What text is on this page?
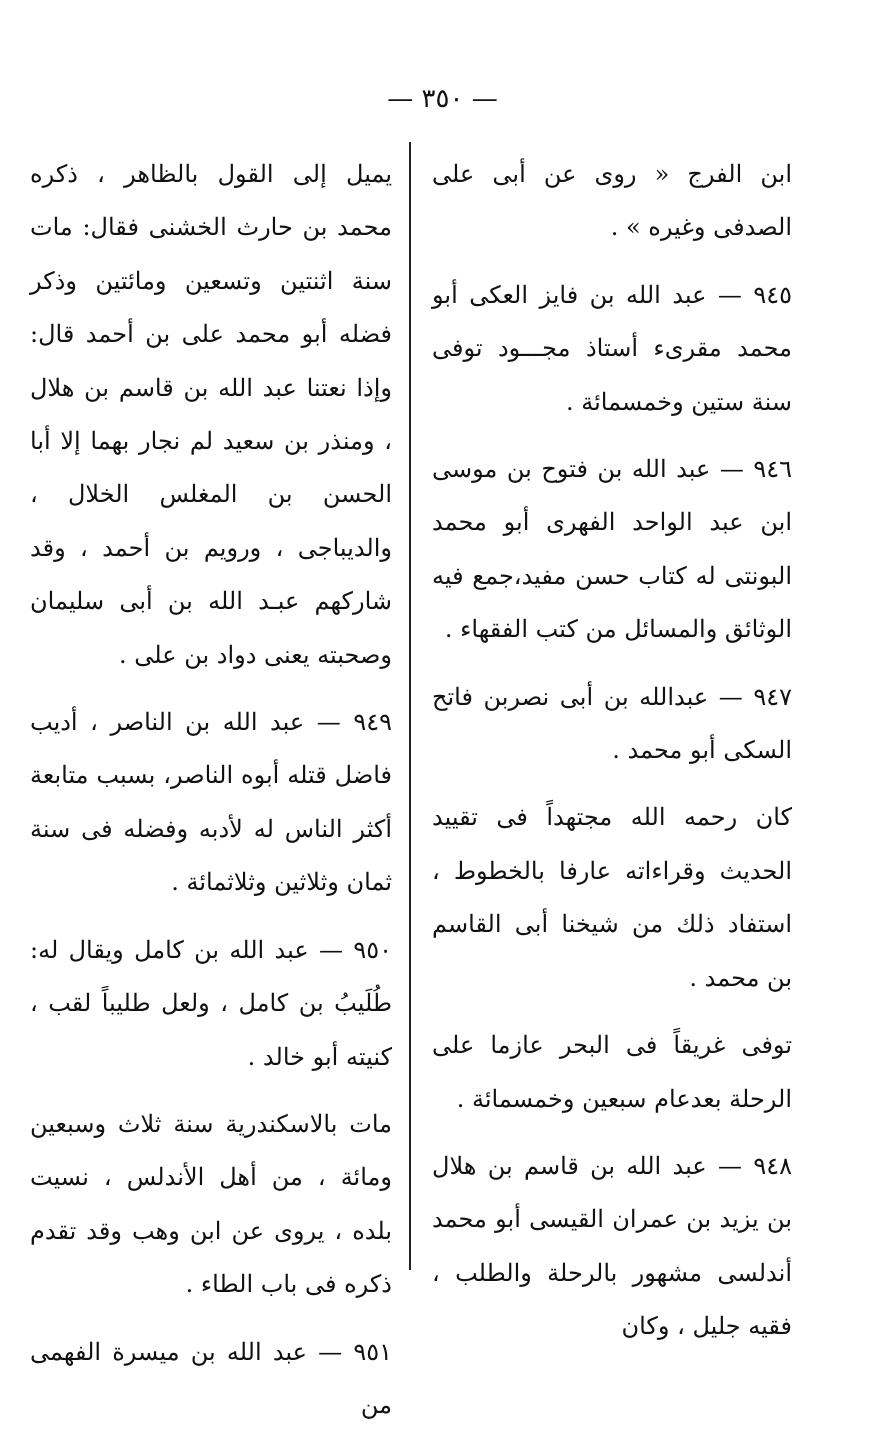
— ٣٥٠ —

ابن الفرج « روى عن أبى على الصدفى وغيره » .

٩٤٥ — عبد الله بن فايز العكى أبو محمد مقرىء أستاذ مجـــود توفى سنة ستين وخمسمائة .

٩٤٦ — عبد الله بن فتوح بن موسى ابن عبد الواحد الفهرى أبو محمد البونتى له كتاب حسن مفيد،جمع فيه الوثائق والمسائل من كتب الفقهاء .

٩٤٧ — عبدالله بن أبى نصربن فاتح السكى أبو محمد .

كان رحمه الله مجتهداً فى تقييد الحديث وقراءاته عارفا بالخطوط ، استفاد ذلك من شيخنا أبى القاسم بن محمد .

توفى غريقاً فى البحر عازما على الرحلة بعدعام سبعين وخمسمائة .

٩٤٨ — عبد الله بن قاسم بن هلال بن يزيد بن عمران القيسى أبو محمد أندلسى مشهور بالرحلة والطلب ، فقيه جليل ، وكان

يميل إلى القول بالظاهر ، ذكره محمد بن حارث الخشنى فقال: مات سنة اثنتين وتسعين ومائتين وذكر فضله أبو محمد على بن أحمد قال: وإذا نعتنا عبد الله بن قاسم بن هلال ، ومنذر بن سعيد لم نجار بهما إلا أبا الحسن بن المغلس الخلال ، والديباجى ، ورويم بن أحمد ، وقد شاركهم عبـد الله بن أبى سليمان وصحبته يعنى دواد بن على .

٩٤٩ — عبد الله بن الناصر ، أديب فاضل قتله أبوه الناصر، بسبب متابعة أكثر الناس له لأدبه وفضله فى سنة ثمان وثلاثين وثلاثمائة .

٩٥٠ — عبد الله بن كامل ويقال له: طُلَيبُ بن كامل ، ولعل طليباً لقب ، كنيته أبو خالد .

مات بالاسكندرية سنة ثلاث وسبعين ومائة ، من أهل الأندلس ، نسيت بلده ، يروى عن ابن وهب وقد تقدم ذكره فى باب الطاء .

٩٥١ — عبد الله بن ميسرة الفهمى من
